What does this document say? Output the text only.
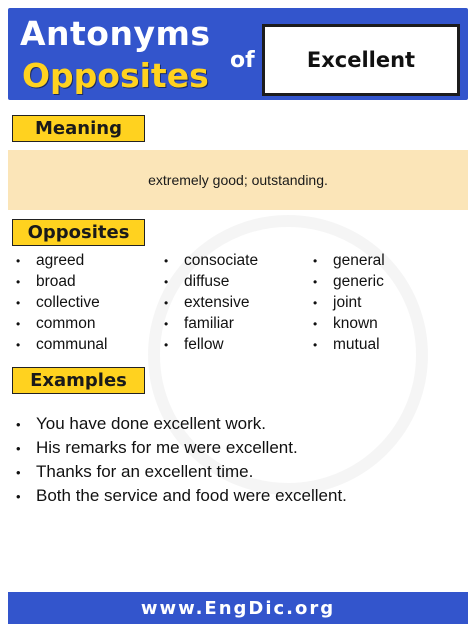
Antonyms
Opposites of	Excellent
Meaning
extremely good; outstanding.
Opposites
• agreed
• broad
• collective
• common
• communal
• consociate
• diffuse
• extensive
• familiar
• fellow
• general
• generic
• joint
• known
• mutual
Examples
• You have done excellent work.
• His remarks for me were excellent.
• Thanks for an excellent time.
• Both the service and food were excellent.
www.EngDic.org
